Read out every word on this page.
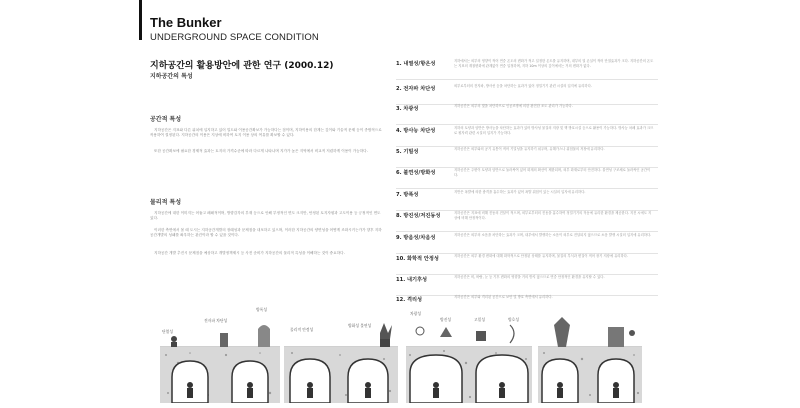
The Bunker
UNDERGROUND SPACE CONDITION
지하공간의 활용방안에 관한 연구 (2000.12)
지하공간의 특성
공간적 특성

지하공간은 지표와 다른 위치에 입지하고 있어 밀도와 이용공간확보가 가능하다는 점이며, 지하이용의 한계는 깊이와 기술적 문제 등이 종합적으로 작용하여 결정된다. 지하공간의 이용은 지상에 비하여 토지 이용 상의 여유를 확보할 수 있다.

또한 공간확보에 필요한 경제적 효과는 토지의 가격수준에 따라 다르게 나타나며 지가가 높은 지역에서 비교적 저렴하게 이용이 가능하다.

물리적 특성

지하공간에 대한 이미지는 어둡고 폐쇄적이며, 방향감각의 부재 등으로 인해 부정적인 면도 크지만, 안정된 토지자원과 고도이용 등 긍정적인 면도 있다.

이러한 측면에서 볼 때 도시는 지하공간개발의 장래성과 문제점을 내포하고 있으며, 이러한 지하공간의 양면성을 어떻게 조화시키는가가 향후 지하공간개발의 성패를 좌우하는 관건이라 할 수 있을 것이다.

지하공간 개발 추진시 문제점을 예상하고 개발정책제시 등 사전 준비가 지하공간의 물리적 특성을 이해하는 것이 중요하다.

1. 내열성/항온성	지하에서는 외부의 영향이 적어 연중 온도의 변화가 적고 일정한 온도를 유지하며, 내부의 열 손실이 적어 단열효과가 크다. 지하공간의 온도는 지표의 계절변화에 관계없이 연중 일정하며, 지하 10m 이상의 깊이에서는 거의 변화가 없다.
2. 전자파 차단성	외부로부터의 전자파, 방사선 등을 차단하는 효과가 있어 정밀기기 관련 시설의 입지에 유리하다.
3. 차광성	지하공간은 외부의 빛을 차단하므로 인공조명에 의한 완전한 조도 관리가 가능하다.
4. 방사능 차단성	지하의 토양과 암반은 방사능을 차단하는 효과가 있어 방사성 물질의 저장 및 핵 방호시설 등으로 활용이 가능하다. 방사능 차폐 효과가 크므로 원자력 관련 시설의 입지가 가능하다.
5. 기밀성	지하공간은 외부와의 공기 유통이 적어 기밀성을 유지하기 쉬우며, 유해가스나 위험물의 저장에 유리하다.
6. 불연성/방화성	지하공간은 주변이 토양과 암반으로 둘러싸여 있어 화재의 확산이 제한되며, 외부 화재로부터 안전하다. 불연성 구조체로 둘러싸인 공간이다.
7. 방폭성	지반은 폭발에 의한 충격을 흡수하는 효과가 있어 폭발 위험이 있는 시설의 입지에 유리하다.
8. 방진성/저진동성	지하공간은 지표에 비해 진동의 전달이 적으며, 외부로부터의 진동을 흡수하여 정밀기기의 작동에 유리한 환경을 제공한다. 지진 시에도 지상에 비해 안정적이다.
9. 방음성/차음성	지하공간은 외부의 소음을 차단하는 효과가 크며, 내부에서 발생하는 소음이 외부로 전달되지 않으므로 소음 발생 시설의 입지에 유리하다.
10. 화학적 안정성	지하공간은 외부 환경 변화에 대해 화학적으로 안정된 상태를 유지하며, 물질의 부식과 변질이 적어 장기 저장에 유리하다.
11. 내기후성	지하공간은 비, 바람, 눈 등 기후 변화의 영향을 거의 받지 않으므로 연중 안정적인 환경을 유지할 수 있다.
12. 격리성	지하공간은 외부와 격리된 공간으로 보안 및 방호 측면에서 유리하다.
단열성
전자파 차단성
방폭성
물리적 안정성
방화성 불연성
차광성
방진성	고밀성	방호성
